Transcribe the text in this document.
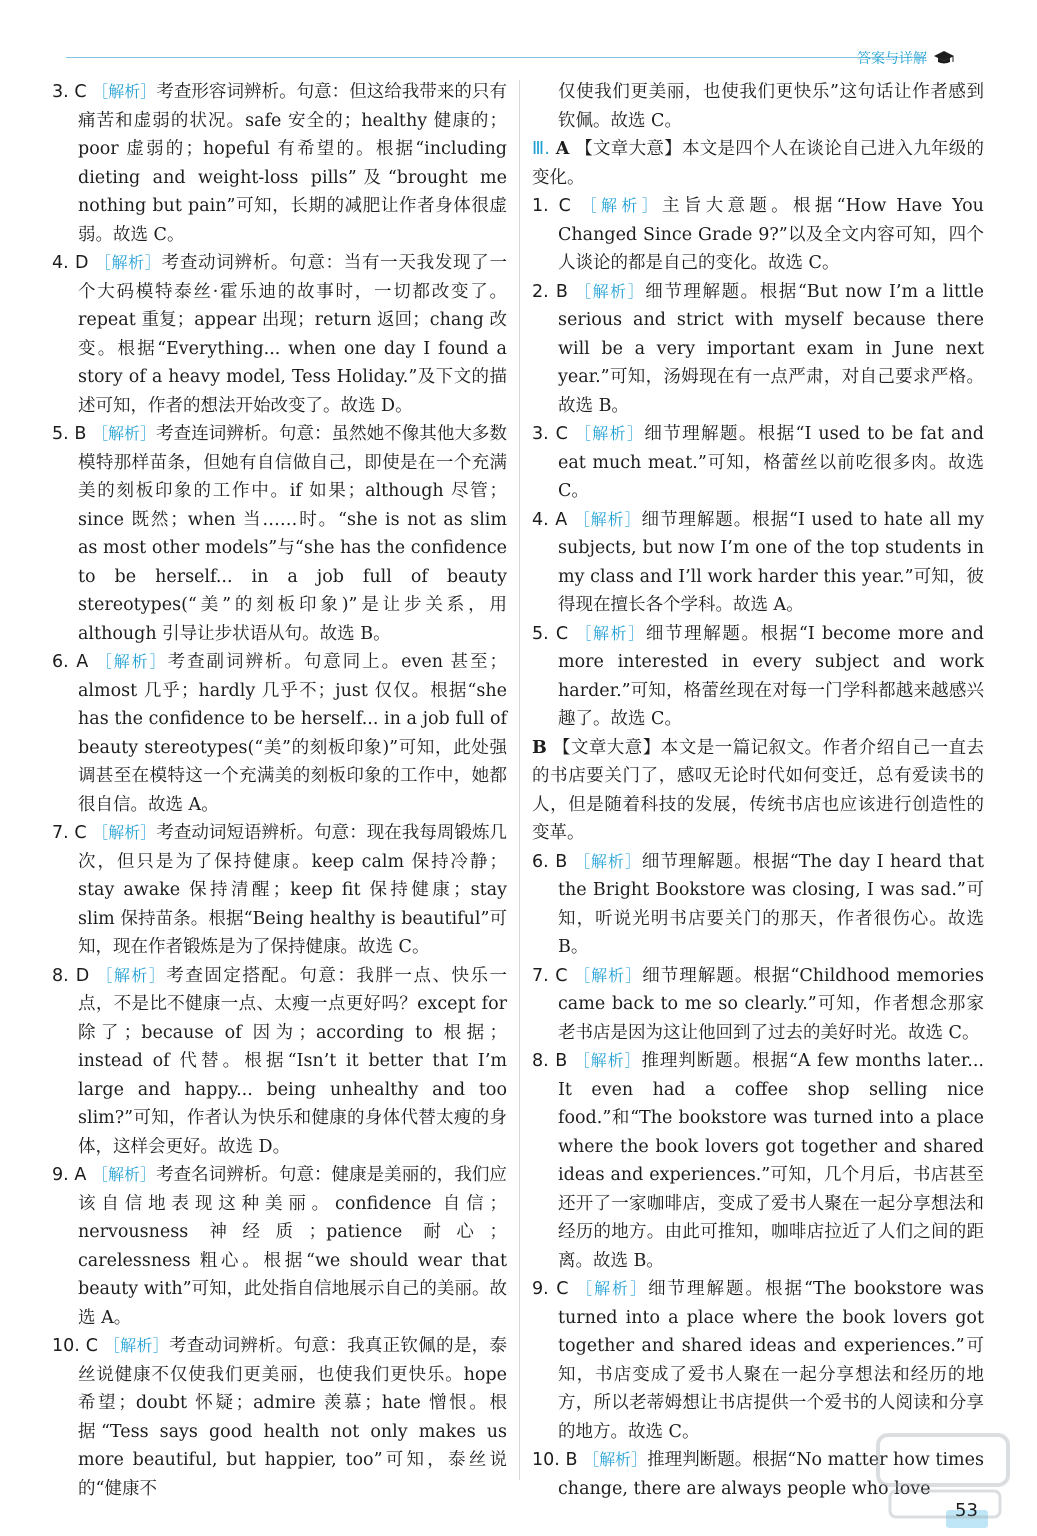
答案与详解
3. C ［解析］考查形容词辨析。句意：但这给我带来的只有痛苦和虚弱的状况。safe 安全的；healthy 健康的；poor 虚弱的；hopeful 有希望的。根据“including dieting and weight-loss pills”及“brought me nothing but pain”可知，长期的减肥让作者身体很虚弱。故选 C。
4. D ［解析］考查动词辨析。句意：当有一天我发现了一个大码模特泰丝·霍乐迪的故事时，一切都改变了。repeat 重复；appear 出现；return 返回；chang 改变。根据“Everything... when one day I found a story of a heavy model, Tess Holiday.”及下文的描述可知，作者的想法开始改变了。故选 D。
5. B ［解析］考查连词辨析。句意：虽然她不像其他大多数模特那样苗条，但她有自信做自己，即使是在一个充满美的刻板印象的工作中。if 如果；although 尽管；since 既然；when 当……时。“she is not as slim as most other models”与“she has the confidence to be herself... in a job full of beauty stereotypes(“美”的刻板印象)”是让步关系，用 although 引导让步状语从句。故选 B。
6. A ［解析］考查副词辨析。句意同上。even 甚至；almost 几乎；hardly 几乎不；just 仅仅。根据“she has the confidence to be herself... in a job full of beauty stereotypes(“美”的刻板印象)”可知，此处强调甚至在模特这一个充满美的刻板印象的工作中，她都很自信。故选 A。
7. C ［解析］考查动词短语辨析。句意：现在我每周锻炼几次，但只是为了保持健康。keep calm 保持冷静；stay awake 保持清醒；keep fit 保持健康；stay slim 保持苗条。根据“Being healthy is beautiful”可知，现在作者锻炼是为了保持健康。故选 C。
8. D ［解析］考查固定搭配。句意：我胖一点、快乐一点，不是比不健康一点、太瘦一点更好吗？except for 除了；because of 因为；according to 根据；instead of 代替。根据“Isn’t it better that I’m large and happy... being unhealthy and too slim?”可知，作者认为快乐和健康的身体代替太瘦的身体，这样会更好。故选 D。
9. A ［解析］考查名词辨析。句意：健康是美丽的，我们应该自信地表现这种美丽。confidence 自信；nervousness 神经质；patience 耐心；carelessness 粗心。根据“we should wear that beauty with”可知，此处指自信地展示自己的美丽。故选 A。
10. C ［解析］考查动词辨析。句意：我真正钦佩的是，泰丝说健康不仅使我们更美丽，也使我们更快乐。hope 希望；doubt 怀疑；admire 羡慕；hate 憎恨。根据“Tess says good health not only makes us more beautiful, but happier, too”可知，泰丝说的“健康不
仅使我们更美丽，也使我们更快乐”这句话让作者感到钦佩。故选 C。
Ⅲ. A 【文章大意】本文是四个人在谈论自己进入九年级的变化。
1. C ［解析］主旨大意题。根据“How Have You Changed Since Grade 9?”以及全文内容可知，四个人谈论的都是自己的变化。故选 C。
2. B ［解析］细节理解题。根据“But now I’m a little serious and strict with myself because there will be a very important exam in June next year.”可知，汤姆现在有一点严肃，对自己要求严格。故选 B。
3. C ［解析］细节理解题。根据“I used to be fat and eat much meat.”可知，格蕾丝以前吃很多肉。故选 C。
4. A ［解析］细节理解题。根据“I used to hate all my subjects, but now I’m one of the top students in my class and I’ll work harder this year.”可知，彼得现在擅长各个学科。故选 A。
5. C ［解析］细节理解题。根据“I become more and more interested in every subject and work harder.”可知，格蕾丝现在对每一门学科都越来越感兴趣了。故选 C。
B 【文章大意】本文是一篇记叙文。作者介绍自己一直去的书店要关门了，感叹无论时代如何变迁，总有爱读书的人，但是随着科技的发展，传统书店也应该进行创造性的变革。
6. B ［解析］细节理解题。根据“The day I heard that the Bright Bookstore was closing, I was sad.”可知，听说光明书店要关门的那天，作者很伤心。故选 B。
7. C ［解析］细节理解题。根据“Childhood memories came back to me so clearly.”可知，作者想念那家老书店是因为这让他回到了过去的美好时光。故选 C。
8. B ［解析］推理判断题。根据“A few months later... It even had a coffee shop selling nice food.”和“The bookstore was turned into a place where the book lovers got together and shared ideas and experiences.”可知，几个月后，书店甚至还开了一家咖啡店，变成了爱书人聚在一起分享想法和经历的地方。由此可推知，咖啡店拉近了人们之间的距离。故选 B。
9. C ［解析］细节理解题。根据“The bookstore was turned into a place where the book lovers got together and shared ideas and experiences.”可知，书店变成了爱书人聚在一起分享想法和经历的地方，所以老蒂姆想让书店提供一个爱书的人阅读和分享的地方。故选 C。
10. B ［解析］推理判断题。根据“No matter how times change, there are always people who love
53
